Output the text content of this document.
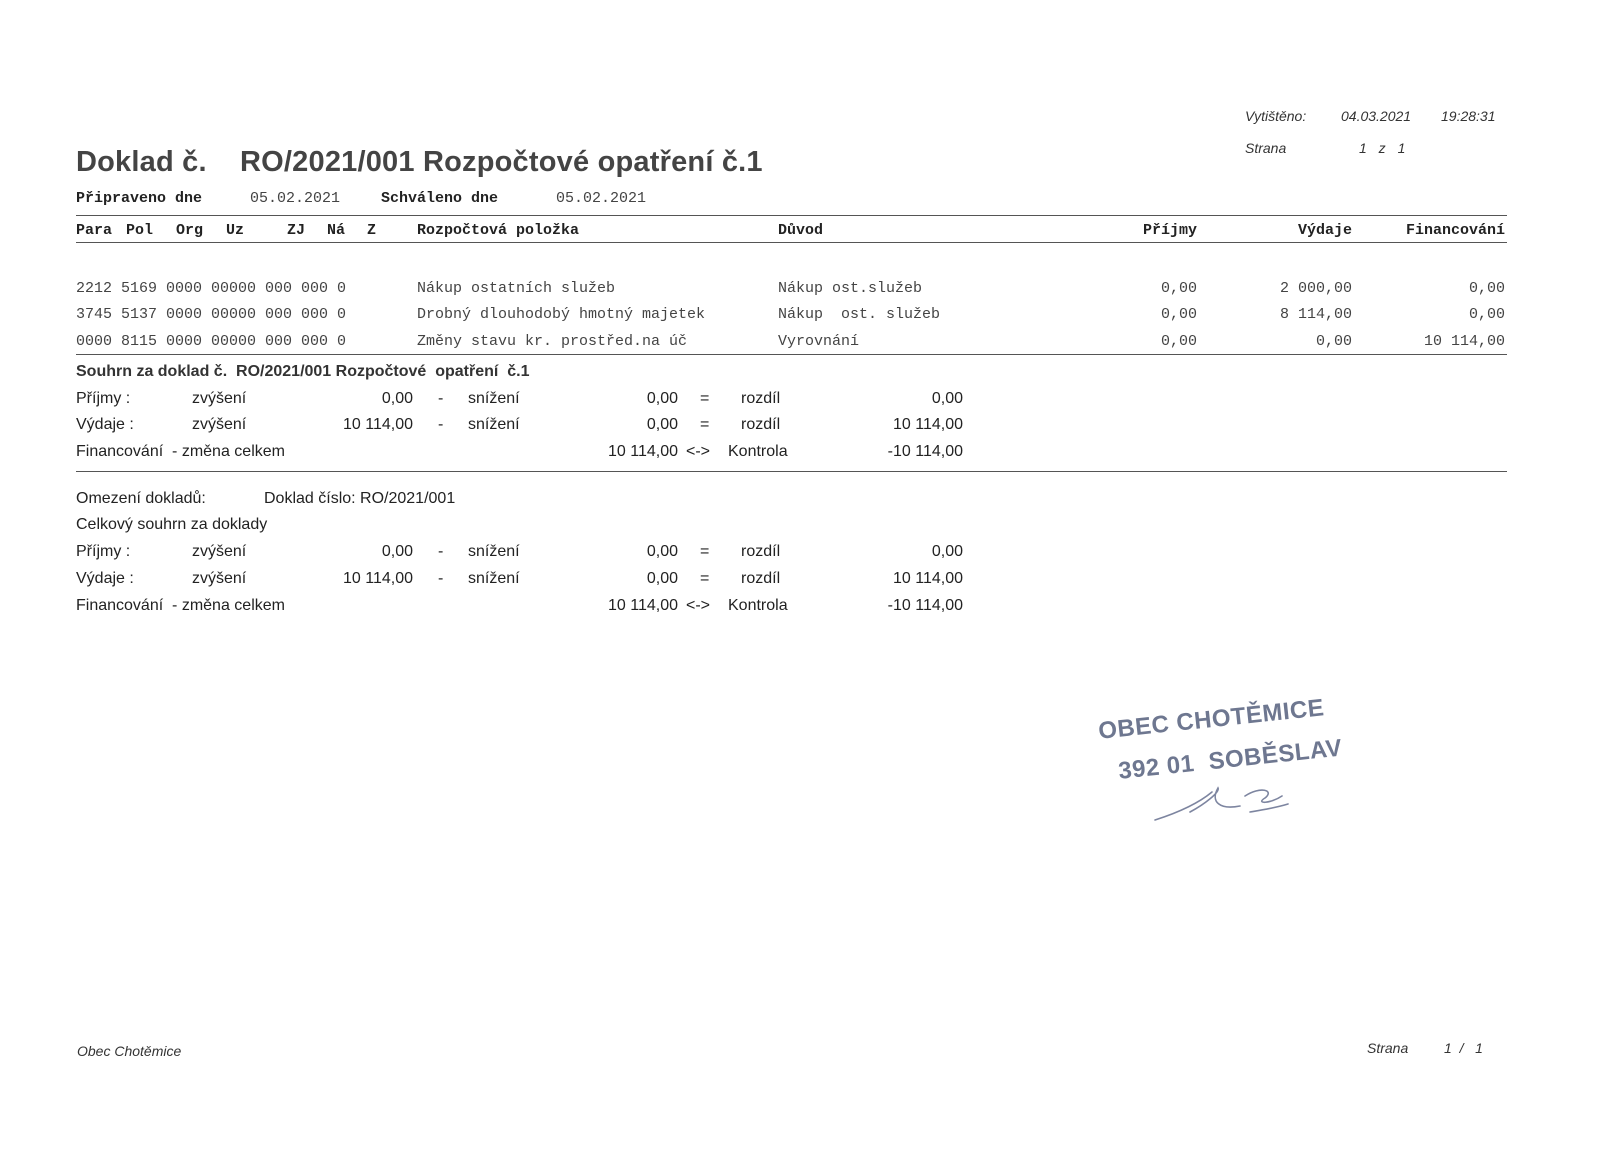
Vytištěno: 04.03.2021 19:28:31
Strana	1 z 1
Doklad č. RO/2021/001 Rozpočtové opatření č.1
Připraveno dne	05.02.2021	Schváleno dne	05.02.2021
Para Pol Org Uz	ZJ Ná Z	Rozpočtová položka	Důvod	Příjmy	Výdaje	Financování
2212 5169 0000 00000 000 000 0	Nákup ostatních služeb	Nákup ost.služeb	0,00	2 000,00	0,00
3745 5137 0000 00000 000 000 0	Drobný dlouhodobý hmotný majetek	Nákup  ost. služeb	0,00	8 114,00	0,00
0000 8115 0000 00000 000 000 0	Změny stavu kr. prostřed.na úč	Vyrovnání	0,00	0,00	10 114,00
Souhrn za doklad č.  RO/2021/001 Rozpočtové  opatření  č.1
Příjmy :	zvýšení	0,00 - snížení	0,00 = rozdíl	0,00
Výdaje :	zvýšení	10 114,00 - snížení	0,00 = rozdíl	10 114,00
Financování  - změna celkem	10 114,00 <-> Kontrola	-10 114,00
Omezení dokladů:	Doklad číslo: RO/2021/001
Celkový souhrn za doklady
Příjmy :	zvýšení	0,00 - snížení	0,00 = rozdíl	0,00
Výdaje :	zvýšení	10 114,00 - snížení	0,00 = rozdíl	10 114,00
Financování  - změna celkem	10 114,00 <-> Kontrola	-10 114,00
OBEC CHOTĚMICE
392 01  SOBĚSLAV
Obec Chotěmice	Strana	1  /   1
